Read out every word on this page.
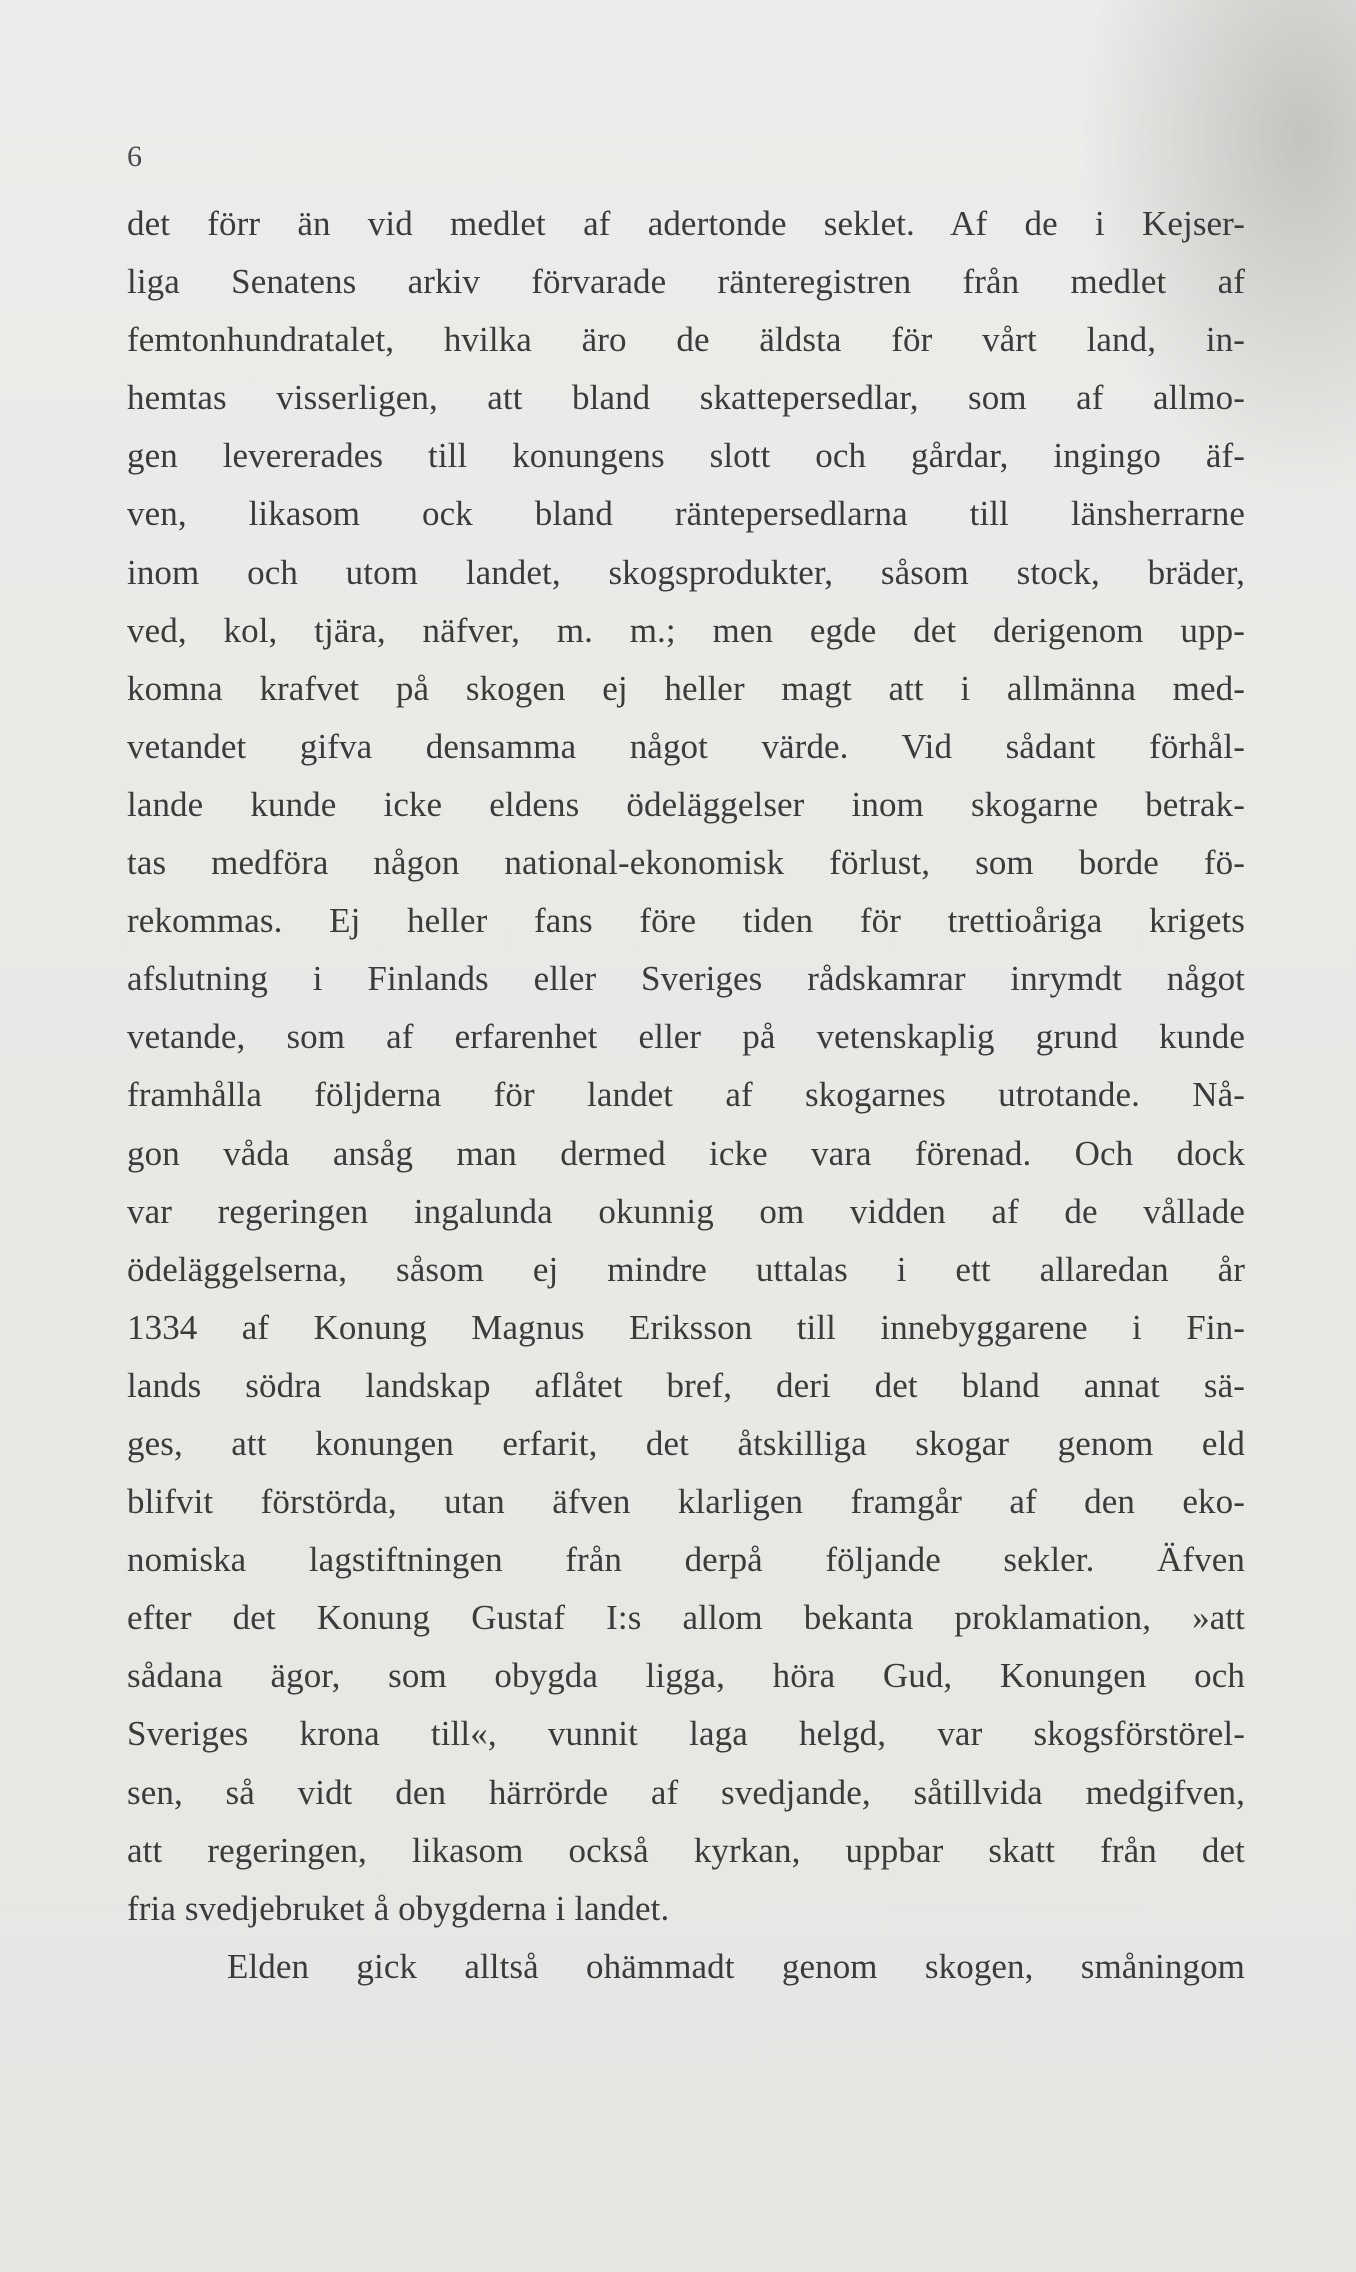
6
det förr än vid medlet af adertonde seklet. Af de i Kejser-
liga Senatens arkiv förvarade ränteregistren från medlet af
femtonhundratalet, hvilka äro de äldsta för vårt land, in-
hemtas visserligen, att bland skattepersedlar, som af allmo-
gen levererades till konungens slott och gårdar, ingingo äf-
ven, likasom ock bland räntepersedlarna till länsherrarne
inom och utom landet, skogsprodukter, såsom stock, bräder,
ved, kol, tjära, näfver, m. m.; men egde det derigenom upp-
komna krafvet på skogen ej heller magt att i allmänna med-
vetandet gifva densamma något värde. Vid sådant förhål-
lande kunde icke eldens ödeläggelser inom skogarne betrak-
tas medföra någon national-ekonomisk förlust, som borde fö-
rekommas. Ej heller fans före tiden för trettioåriga krigets
afslutning i Finlands eller Sveriges rådskamrar inrymdt något
vetande, som af erfarenhet eller på vetenskaplig grund kunde
framhålla följderna för landet af skogarnes utrotande. Nå-
gon våda ansåg man dermed icke vara förenad. Och dock
var regeringen ingalunda okunnig om vidden af de vållade
ödeläggelserna, såsom ej mindre uttalas i ett allaredan år
1334 af Konung Magnus Eriksson till innebyggarene i Fin-
lands södra landskap aflåtet bref, deri det bland annat sä-
ges, att konungen erfarit, det åtskilliga skogar genom eld
blifvit förstörda, utan äfven klarligen framgår af den eko-
nomiska lagstiftningen från derpå följande sekler. Äfven
efter det Konung Gustaf I:s allom bekanta proklamation, »att
sådana ägor, som obygda ligga, höra Gud, Konungen och
Sveriges krona till«, vunnit laga helgd, var skogsförstörel-
sen, så vidt den härrörde af svedjande, såtillvida medgifven,
att regeringen, likasom också kyrkan, uppbar skatt från det
fria svedjebruket å obygderna i landet.
Elden gick alltså ohämmadt genom skogen, småningom
